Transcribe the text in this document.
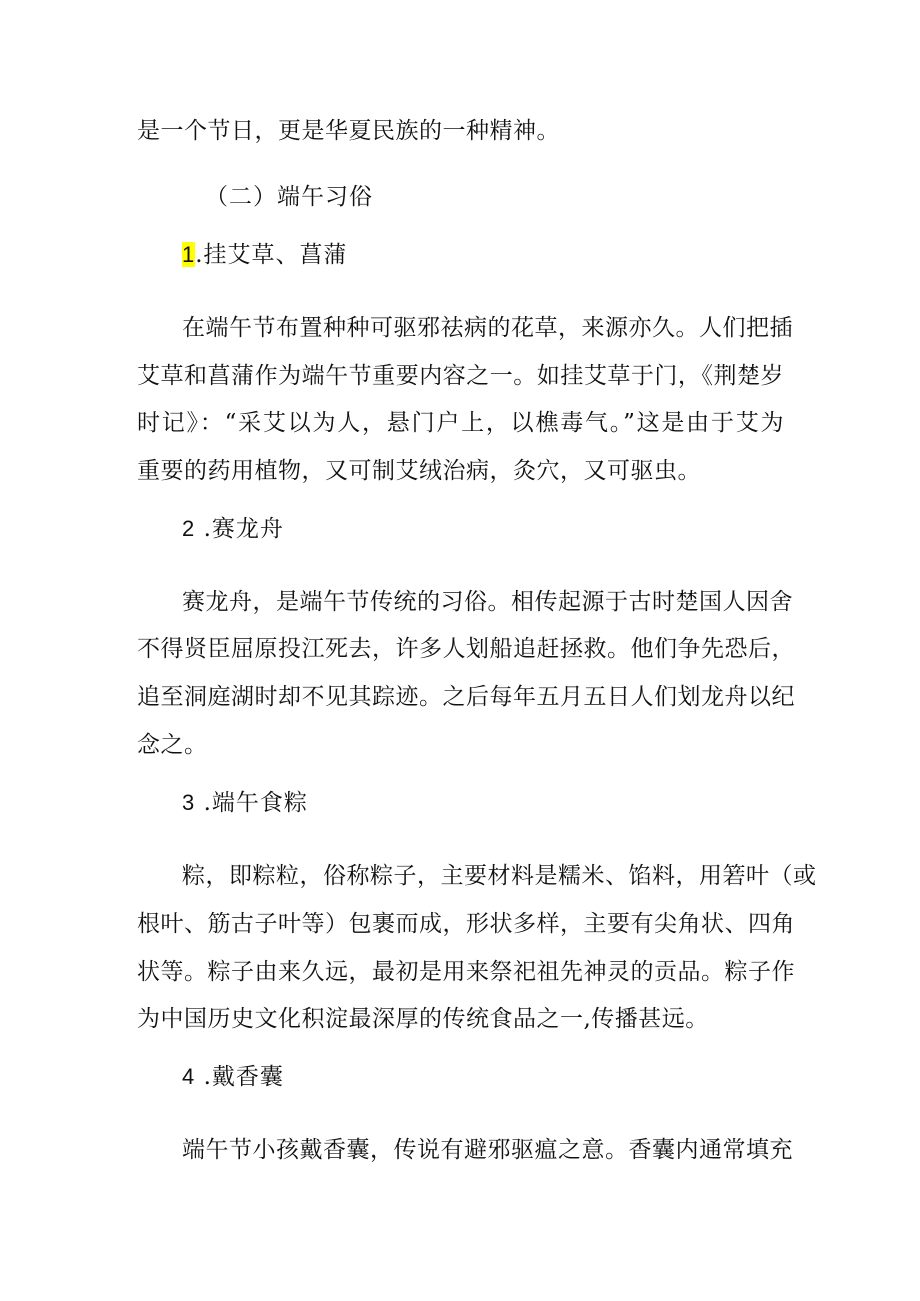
是一个节日，更是华夏民族的一种精神。
（二）端午习俗
1.挂艾草、菖蒲
在端午节布置种种可驱邪祛病的花草，来源亦久。人们把插
艾草和菖蒲作为端午节重要内容之一。如挂艾草于门，《荆楚岁
时记》：“采艾以为人，悬门户上，以樵毒气。”这是由于艾为
重要的药用植物，又可制艾绒治病，灸穴，又可驱虫。
2 .赛龙舟
赛龙舟，是端午节传统的习俗。相传起源于古时楚国人因舍
不得贤臣屈原投江死去，许多人划船追赶拯救。他们争先恐后，
追至洞庭湖时却不见其踪迹。之后每年五月五日人们划龙舟以纪
念之。
3 .端午食粽
粽，即粽粒，俗称粽子，主要材料是糯米、馅料，用箬叶（或
根叶、筋古子叶等）包裹而成，形状多样，主要有尖角状、四角
状等。粽子由来久远，最初是用来祭祀祖先神灵的贡品。粽子作
为中国历史文化积淀最深厚的传统食品之一,传播甚远。
4 .戴香囊
端午节小孩戴香囊，传说有避邪驱瘟之意。香囊内通常填充
